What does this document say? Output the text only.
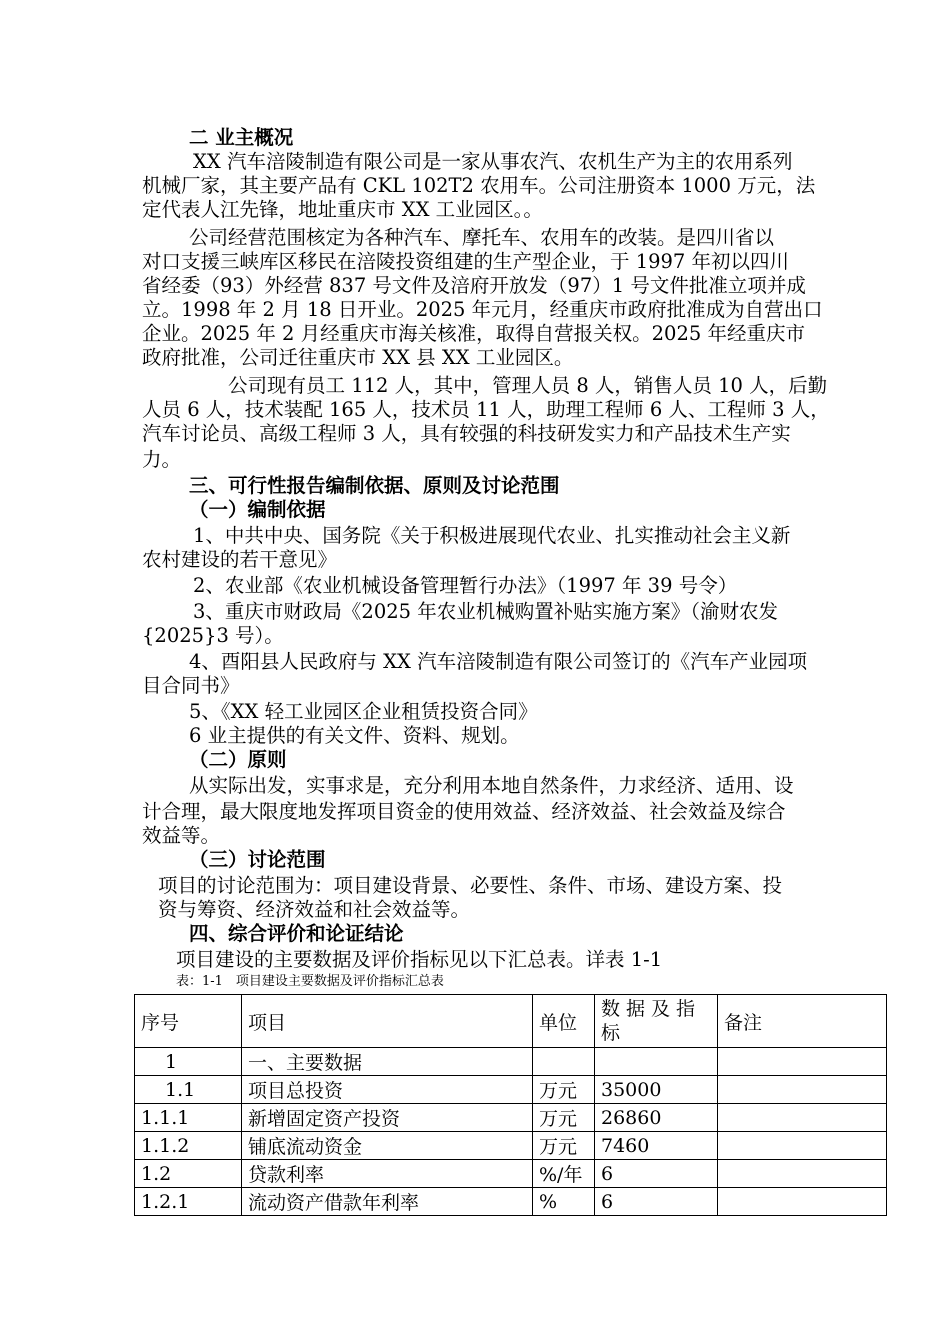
二 业主概况
XX 汽车涪陵制造有限公司是一家从事农汽、农机生产为主的农用系列
机械厂家，其主要产品有 CKL 102T2 农用车。公司注册资本 1000 万元，法
定代表人江先锋，地址重庆市 XX 工业园区。。
公司经营范围核定为各种汽车、摩托车、农用车的改装。是四川省以
对口支援三峡库区移民在涪陵投资组建的生产型企业，于 1997 年初以四川
省经委（93）外经营 837 号文件及涪府开放发（97）1 号文件批准立项并成
立。1998 年 2 月 18 日开业。2025 年元月，经重庆市政府批准成为自营出口
企业。2025 年 2 月经重庆市海关核准，取得自营报关权。2025 年经重庆市
政府批准，公司迁往重庆市 XX 县 XX 工业园区。
公司现有员工 112 人，其中，管理人员 8 人，销售人员 10 人，后勤
人员 6 人，技术装配 165 人，技术员 11 人，助理工程师 6 人、工程师 3 人，
汽车讨论员、高级工程师 3 人，具有较强的科技研发实力和产品技术生产实
力。
三、可行性报告编制依据、原则及讨论范围
（一）编制依据
1、中共中央、国务院《关于积极进展现代农业、扎实推动社会主义新
农村建设的若干意见》
2、农业部《农业机械设备管理暂行办法》（1997 年 39 号令）
3、重庆市财政局《2025 年农业机械购置补贴实施方案》（渝财农发
{2025}3 号）。
4、酉阳县人民政府与 XX 汽车涪陵制造有限公司签订的《汽车产业园项
目合同书》
5、《XX 轻工业园区企业租赁投资合同》
6 业主提供的有关文件、资料、规划。
（二）原则
从实际出发，实事求是，充分利用本地自然条件，力求经济、适用、设
计合理，最大限度地发挥项目资金的使用效益、经济效益、社会效益及综合
效益等。
（三）讨论范围
项目的讨论范围为：项目建设背景、必要性、条件、市场、建设方案、投
资与筹资、经济效益和社会效益等。
四、综合评价和论证结论
项目建设的主要数据及评价指标见以下汇总表。详表 1-1
表：1-1　项目建设主要数据及评价指标汇总表
序号	项目	单位	数据及指标	备注
1	一、主要数据			
1.1	项目总投资	万元	35000	
1.1.1	新增固定资产投资	万元	26860	
1.1.2	铺底流动资金	万元	7460	
1.2	贷款利率	%/年	6	
1.2.1	流动资产借款年利率	%	6	
